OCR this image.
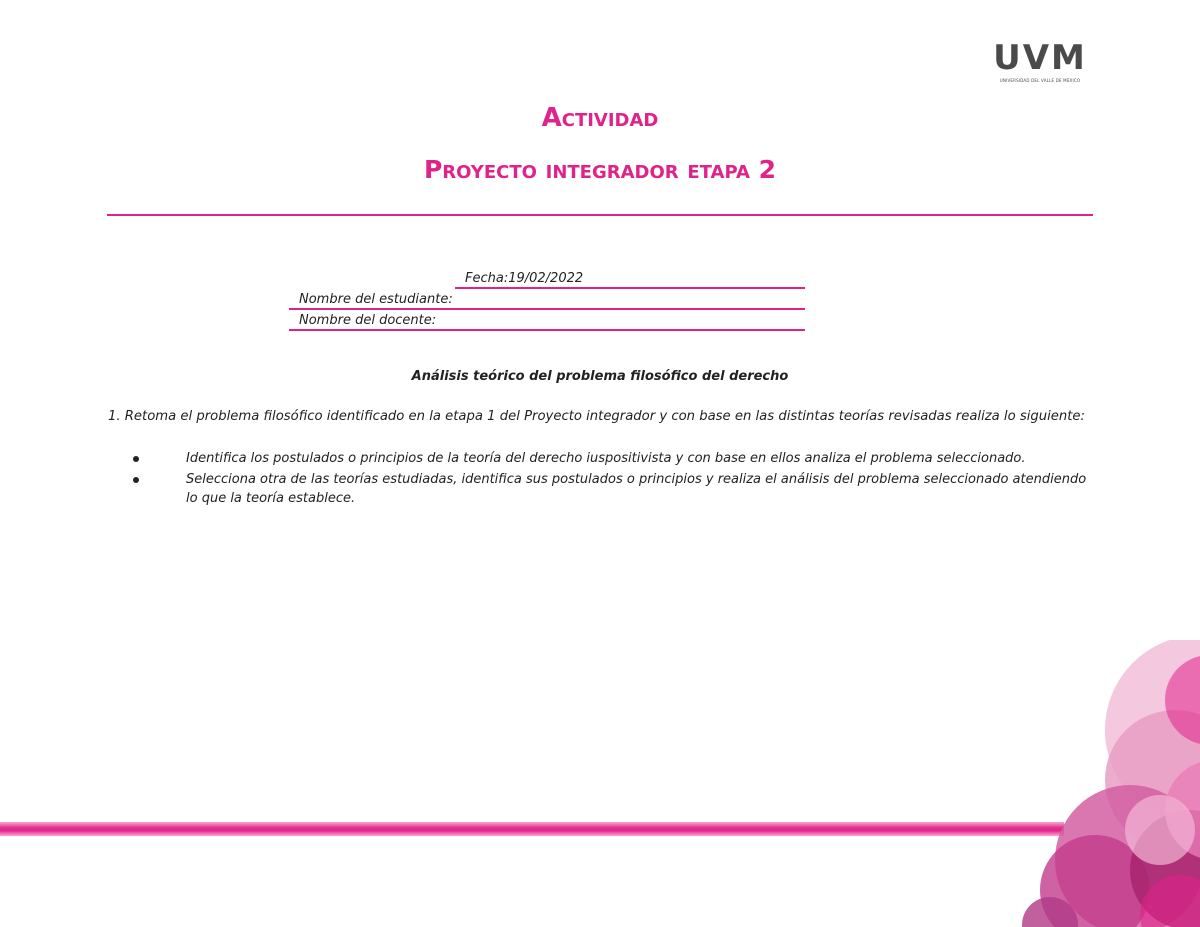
UVM
UNIVERSIDAD DEL VALLE DE MÉXICO
Actividad
Proyecto integrador etapa 2
Fecha:19/02/2022
Nombre del estudiante:
Nombre del docente:
Análisis teórico del problema filosófico del derecho
1. Retoma el problema filosófico identificado en la etapa 1 del Proyecto integrador y con base en las distintas teorías revisadas realiza lo siguiente:
Identifica los postulados o principios de la teoría del derecho iuspositivista y con base en ellos analiza el problema seleccionado.
Selecciona otra de las teorías estudiadas, identifica sus postulados o principios y realiza el análisis del problema seleccionado atendiendo lo que la teoría establece.
